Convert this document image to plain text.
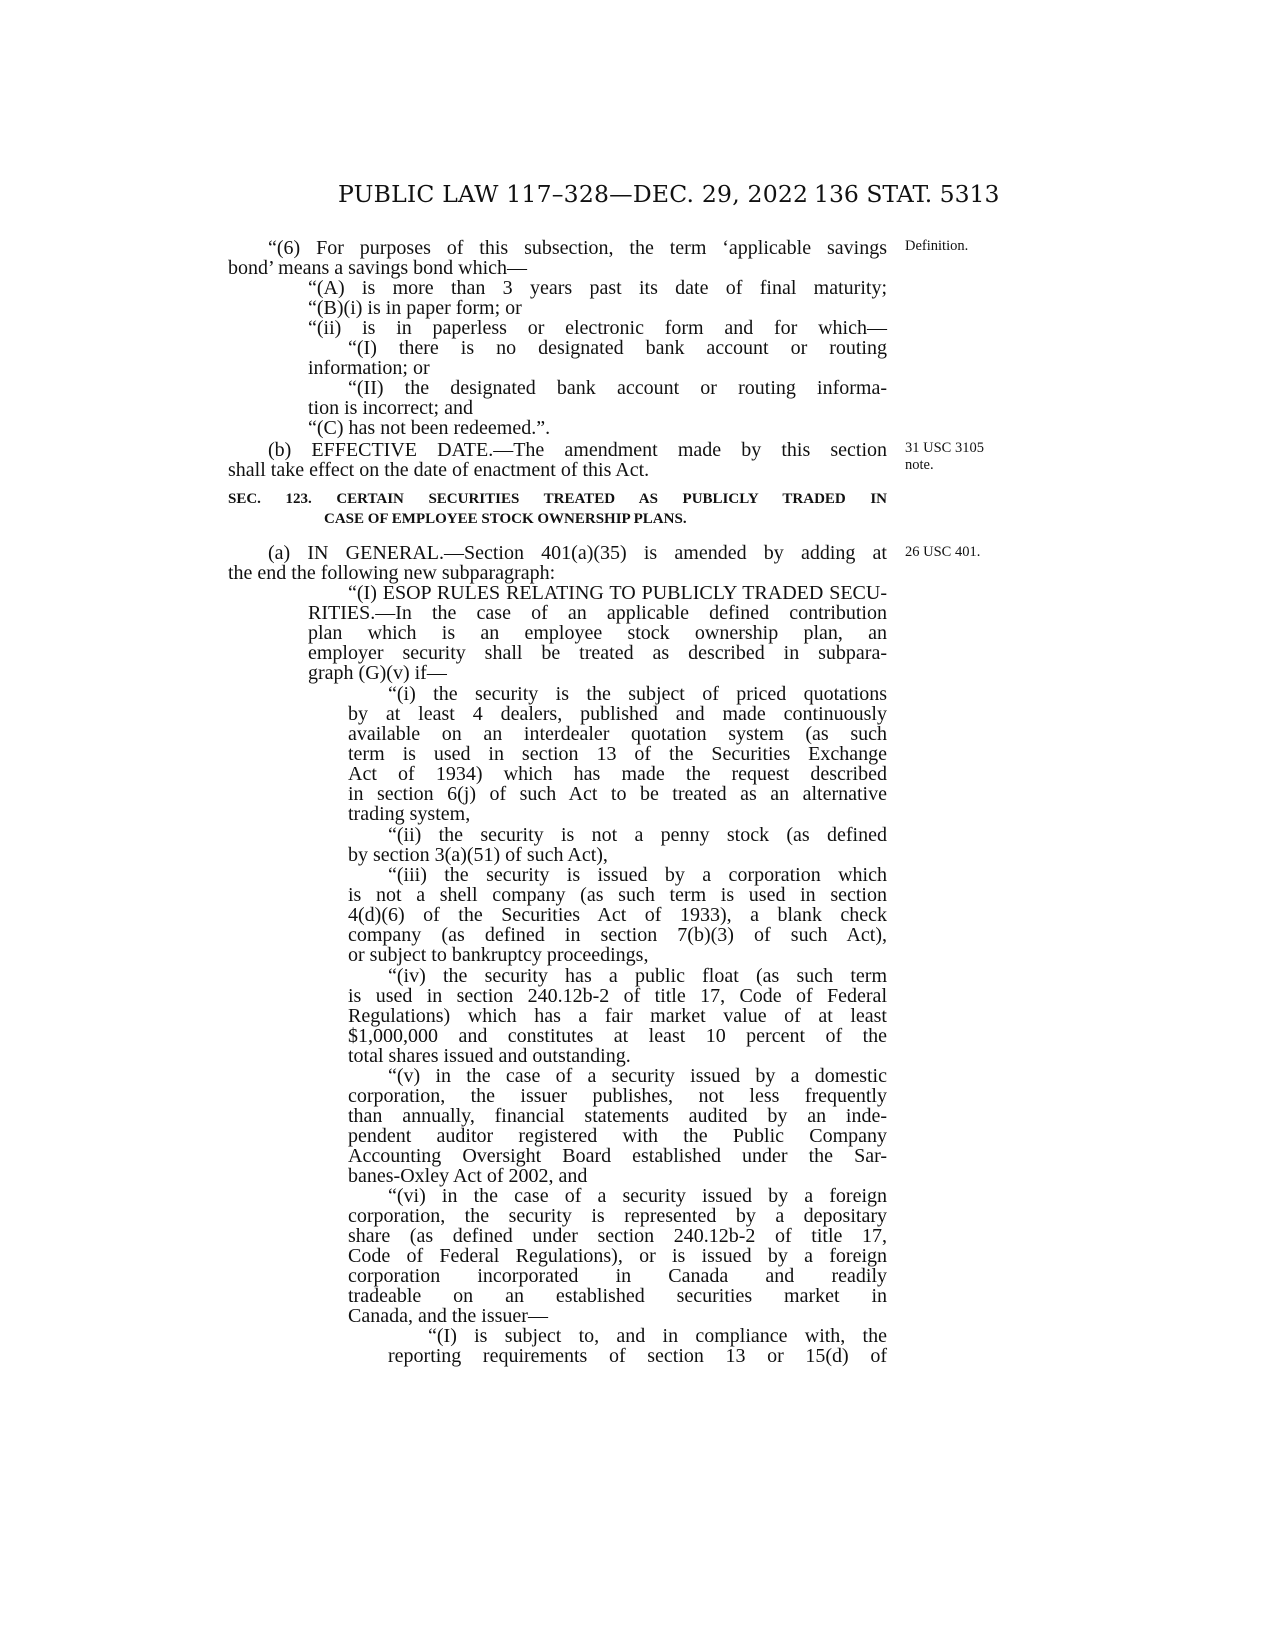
PUBLIC LAW 117–328—DEC. 29, 2022 136 STAT. 5313
Definition.
31 USC 3105
note.
26 USC 401.
SEC. 123. CERTAIN SECURITIES TREATED AS PUBLICLY TRADED IN
CASE OF EMPLOYEE STOCK OWNERSHIP PLANS.
“(6) For purposes of this subsection, the term ‘applicable savings
bond’ means a savings bond which—
“(A) is more than 3 years past its date of final maturity;
“(B)(i) is in paper form; or
“(ii) is in paperless or electronic form and for which—
“(I) there is no designated bank account or routing
information; or
“(II) the designated bank account or routing informa-
tion is incorrect; and
“(C) has not been redeemed.”.
(b) EFFECTIVE DATE.—The amendment made by this section
shall take effect on the date of enactment of this Act.
(a) IN GENERAL.—Section 401(a)(35) is amended by adding at
the end the following new subparagraph:
“(I) ESOP RULES RELATING TO PUBLICLY TRADED SECU-
RITIES.—In the case of an applicable defined contribution
plan which is an employee stock ownership plan, an
employer security shall be treated as described in subpara-
graph (G)(v) if—
“(i) the security is the subject of priced quotations
by at least 4 dealers, published and made continuously
available on an interdealer quotation system (as such
term is used in section 13 of the Securities Exchange
Act of 1934) which has made the request described
in section 6(j) of such Act to be treated as an alternative
trading system,
“(ii) the security is not a penny stock (as defined
by section 3(a)(51) of such Act),
“(iii) the security is issued by a corporation which
is not a shell company (as such term is used in section
4(d)(6) of the Securities Act of 1933), a blank check
company (as defined in section 7(b)(3) of such Act),
or subject to bankruptcy proceedings,
“(iv) the security has a public float (as such term
is used in section 240.12b-2 of title 17, Code of Federal
Regulations) which has a fair market value of at least
$1,000,000 and constitutes at least 10 percent of the
total shares issued and outstanding.
“(v) in the case of a security issued by a domestic
corporation, the issuer publishes, not less frequently
than annually, financial statements audited by an inde-
pendent auditor registered with the Public Company
Accounting Oversight Board established under the Sar-
banes-Oxley Act of 2002, and
“(vi) in the case of a security issued by a foreign
corporation, the security is represented by a depositary
share (as defined under section 240.12b-2 of title 17,
Code of Federal Regulations), or is issued by a foreign
corporation incorporated in Canada and readily
tradeable on an established securities market in
Canada, and the issuer—
“(I) is subject to, and in compliance with, the
reporting requirements of section 13 or 15(d) of
